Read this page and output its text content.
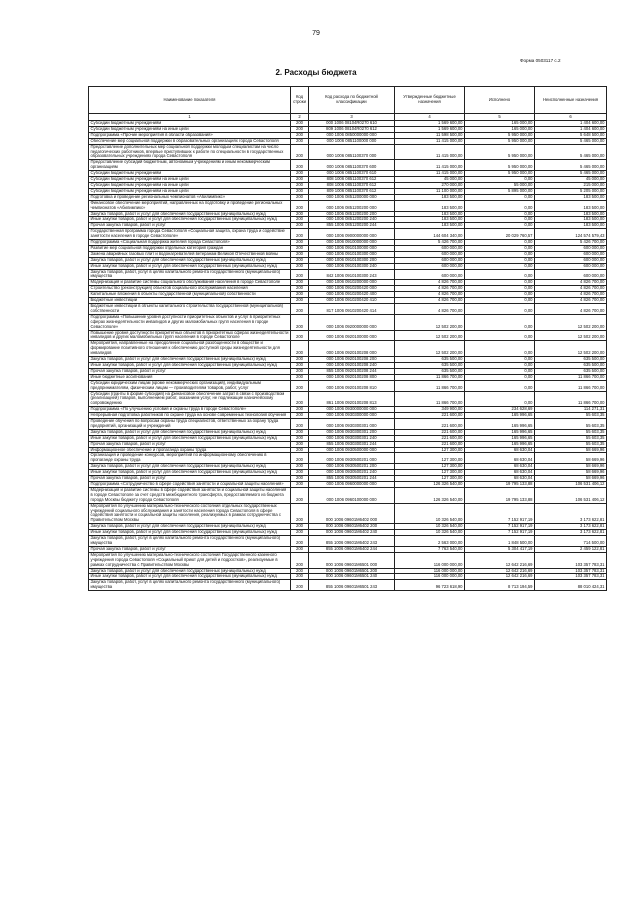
79
Форма 0503117 с.2
2. Расходы бюджета
Наименование показателя	Код строки	Код расхода по бюджетной классификации	Утвержденные бюджетные назначения	Исполнено	Неисполненные назначения
1	2	3	4	5	6
Субсидии бюджетным учреждениям	200	000 1006 08104R0270 610	1 569 600,00	165 000,00	1 404 600,00
Субсидии бюджетным учреждениям на иные цели	200	809 1006 08104R0270 612	1 569 600,00	165 000,00	1 404 600,00
Подпрограмма «Прочие мероприятия в области образования»	200	000 1006 0850000000 000	11 598 500,00	5 950 000,00	5 648 500,00
Обеспечение мер социальной поддержки в образовательных организациях города Севастополя	200	000 1006 0851100000 000	11 415 000,00	5 950 000,00	5 465 000,00
Предоставление дополнительных мер социальной поддержки молодым специалистам на число педагогических работников, впервые приступивших к работе по специальности в государственных образовательных учреждениях города Севастополя	200	000 1006 0851100370 000	11 415 000,00	5 950 000,00	5 465 000,00
Предоставление субсидий бюджетным, автономным учреждениям и иным некоммерческим организациям	200	000 1006 0851100370 600	11 415 000,00	5 950 000,00	5 465 000,00
Субсидии бюджетным учреждениям	200	000 1006 0851100370 610	11 415 000,00	5 950 000,00	5 465 000,00
Субсидии бюджетным учреждениям на иные цели	200	808 1006 0851100370 612	45 000,00	0,00	45 000,00
Субсидии бюджетным учреждениям на иные цели	200	808 1006 0851100370 612	270 000,00	55 000,00	215 000,00
Субсидии бюджетным учреждениям на иные цели	200	809 1006 0851100370 612	11 100 000,00	5 895 000,00	5 205 000,00
Подготовка и проведение региональных чемпионатов «Абилимпикс»	200	000 1006 0851200000 000	183 500,00	0,00	183 500,00
Финансовое обеспечение мероприятий, направленных на подготовку и проведение региональных чемпионатов «Абилимпикс»	200	000 1006 0851200200 000	183 500,00	0,00	183 500,00
Закупка товаров, работ и услуг для обеспечения государственных (муниципальных) нужд	200	000 1006 0851200200 200	183 500,00	0,00	183 500,00
Иные закупки товаров, работ и услуг для обеспечения государственных (муниципальных) нужд	200	000 1006 0851200200 240	183 500,00	0,00	183 500,00
Прочая закупка товаров, работ и услуг	200	855 1006 0851200200 244	183 500,00	0,00	183 500,00
Государственная программа города Севастополя «Социальная защита, охрана труда и содействие занятости населения в городе Севастополе»	200	000 1006 0900000000 000	144 604 340,00	20 029 760,57	124 574 579,43
Подпрограмма «Социальная поддержка жителей города Севастополя»	200	000 1006 0910000000 000	5 426 700,00	0,00	5 426 700,00
Развитие мер социальной поддержки отдельных категорий граждан	200	000 1006 0910100000 000	600 000,00	0,00	600 000,00
Замена аварийных газовых плит и водонагревателей ветеранам Великой Отечественной войны	200	000 1006 0910100300 000	600 000,00	0,00	600 000,00
Закупка товаров, работ и услуг для обеспечения государственных (муниципальных) нужд	200	000 1006 0910100300 200	600 000,00	0,00	600 000,00
Иные закупки товаров, работ и услуг для обеспечения государственных (муниципальных) нужд	200	000 1006 0910100300 240	600 000,00	0,00	600 000,00
Закупка товаров, работ, услуг в целях капитального ремонта государственного (муниципального) имущества	200	842 1006 0910100300 243	600 000,00	0,00	600 000,00
Модернизация и развитие системы социального обслуживания населения в городе Севастополе	200	000 1006 0910200000 000	4 826 700,00	0,00	4 826 700,00
Строительство (реконструкция) объектов социального обслуживания населения	200	000 1006 0910200420 000	4 826 700,00	0,00	4 826 700,00
Капитальные вложения в объекты государственной (муниципальной) собственности	200	000 1006 0910200420 400	4 826 700,00	0,00	4 826 700,00
Бюджетные инвестиции	200	000 1006 0910200420 410	4 826 700,00	0,00	4 826 700,00
Бюджетные инвестиции в объекты капитального строительства государственной (муниципальной) собственности	200	817 1006 0910200420 414	4 826 700,00	0,00	4 826 700,00
Подпрограмма «Повышение уровня доступности приоритетных объектов и услуг в приоритетных сферах жизнедеятельности инвалидов и других маломобильных групп населения в городе Севастополе»	200	000 1006 0920000000 000	12 502 200,00	0,00	12 502 200,00
Повышение уровня доступности приоритетных объектов в приоритетных сферах жизнедеятельности инвалидов и других маломобильных групп населения в городе Севастополе	200	000 1006 0920100000 000	12 502 200,00	0,00	12 502 200,00
Мероприятия, направленные на преодоление социальной разобщенности в обществе и формирование позитивного отношения к обеспечению доступной среды жизнедеятельности для инвалидов	200	000 1006 0920100208 000	12 502 200,00	0,00	12 502 200,00
Закупка товаров, работ и услуг для обеспечения государственных (муниципальных) нужд	200	000 1006 0920100208 200	635 500,00	0,00	635 500,00
Иные закупки товаров, работ и услуг для обеспечения государственных (муниципальных) нужд	200	000 1006 0920100208 240	635 500,00	0,00	635 500,00
Прочая закупка товаров, работ и услуг	200	855 1006 0920100208 244	635 500,00	0,00	635 500,00
Иные бюджетные ассигнования	200	000 1006 0920100208 800	11 866 700,00	0,00	11 866 700,00
Субсидии юридическим лицам (кроме некоммерческих организаций), индивидуальным предпринимателям, физическим лицам — производителям товаров, работ, услуг	200	000 1006 0920100208 810	11 866 700,00	0,00	11 866 700,00
Субсидии (гранты в форме субсидий) на финансовое обеспечение затрат в связи с производством (реализацией) товаров, выполнением работ, оказанием услуг, не подлежащие казначейскому сопровождению	200	861 1006 0920100208 813	11 866 700,00	0,00	11 866 700,00
Подпрограмма «По улучшению условий и охраны труда в городе Севастополе»	200	000 1006 0930000000 000	349 900,00	234 628,69	114 271,31
Непрерывная подготовка работников по охране труда на основе современных технологий обучения	200	000 1006 0930300000 000	221 600,00	165 996,65	55 603,35
Проведение обучения по вопросам охраны труда специалистов, ответственных за охрану труда предприятий, организаций и учреждений	200	000 1006 0930300301 000	221 600,00	165 996,65	55 603,35
Закупка товаров, работ и услуг для обеспечения государственных (муниципальных) нужд	200	000 1006 0930300301 200	221 600,00	165 996,65	55 603,35
Иные закупки товаров, работ и услуг для обеспечения государственных (муниципальных) нужд	200	000 1006 0930300301 240	221 600,00	165 996,65	55 603,35
Прочая закупка товаров, работ и услуг	200	855 1006 0930300301 244	221 600,00	165 996,65	55 603,35
Информационное обеспечение и пропаганда охраны труда	200	000 1006 0930500000 000	127 300,00	68 630,04	58 669,96
Организация и проведение конкурсов, мероприятий по информационному обеспечению в пропаганде охраны труда	200	000 1006 0930500201 000	127 300,00	68 630,04	58 669,96
Закупка товаров, работ и услуг для обеспечения государственных (муниципальных) нужд	200	000 1006 0930500201 200	127 300,00	68 630,04	58 669,96
Иные закупки товаров, работ и услуг для обеспечения государственных (муниципальных) нужд	200	000 1006 0930500201 240	127 300,00	68 630,04	58 669,96
Прочая закупка товаров, работ и услуг	200	855 1006 0930500201 244	127 300,00	68 630,04	58 669,96
Подпрограмма «Сотрудничество в сфере содействия занятости и социальной защиты населения»	200	000 1006 0960000000 000	126 326 540,00	19 795 133,88	106 531 406,12
Модернизация и развитие системы в сфере содействия занятости и социальной защиты населения в городе Севастополе за счет средств межбюджетного трансферта, предоставляемого из бюджета города Москвы бюджету города Севастополя	200	000 1006 0960100000 000	126 326 540,00	19 795 133,88	106 531 406,12
Мероприятия по улучшению материально-технического состояния отдельных государственных учреждений социального обслуживания и занятости населения города Севастополя в сфере содействия занятости и социальной защиты населения, реализуемых в рамках сотрудничества с Правительством Москвы	200	000 1006 09601М6402 000	10 326 540,00	7 152 917,19	3 173 622,81
Закупка товаров, работ и услуг для обеспечения государственных (муниципальных) нужд	200	000 1006 09601М6402 200	10 326 540,00	7 152 917,19	3 173 622,81
Иные закупки товаров, работ и услуг для обеспечения государственных (муниципальных) нужд	200	000 1006 09601М6402 240	10 326 540,00	7 152 917,19	3 173 622,81
Закупка товаров, работ, услуг в целях капитального ремонта государственного (муниципального) имущества	200	855 1006 09601М6402 243	2 563 000,00	1 848 500,00	714 500,00
Прочая закупка товаров, работ и услуг	200	855 1006 09601М6402 244	7 763 540,00	5 304 417,19	2 459 122,81
Мероприятия по улучшению материально-технического состояния Государственного казенного учреждения города Севастополя «Социальный приют для детей и подростков», реализуемые в рамках сотрудничества с Правительством Москвы	200	000 1006 09601М6501 000	116 000 000,00	12 642 216,69	103 357 783,31
Закупка товаров, работ и услуг для обеспечения государственных (муниципальных) нужд	200	000 1006 09601М6501 200	116 000 000,00	12 642 216,69	103 357 783,31
Иные закупки товаров, работ и услуг для обеспечения государственных (муниципальных) нужд	200	000 1006 09601М6501 240	116 000 000,00	12 642 216,69	103 357 783,31
Закупка товаров, работ, услуг в целях капитального ремонта государственного (муниципального) имущества	200	855 1006 09601М6501 243	96 723 618,90	8 713 194,59	88 010 424,31
